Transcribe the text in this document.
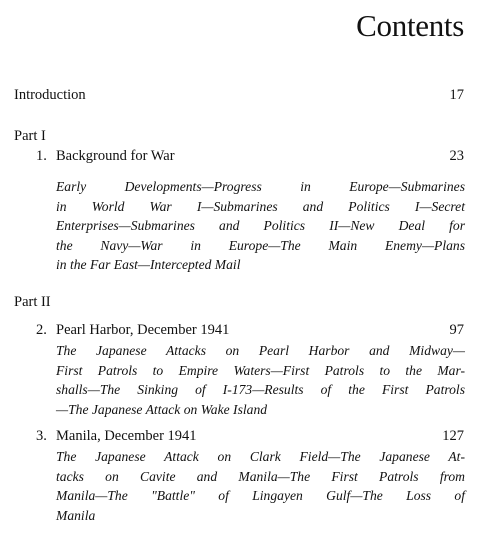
Contents
Introduction	17
Part I
1. Background for War	23
Early Developments—Progress in Europe—Submarines
in World War I—Submarines and Politics I—Secret
Enterprises—Submarines and Politics II—New Deal for
the Navy—War in Europe—The Main Enemy—Plans
in the Far East—Intercepted Mail
Part II
2. Pearl Harbor, December 1941	97
The Japanese Attacks on Pearl Harbor and Midway—
First Patrols to Empire Waters—First Patrols to the Mar-
shalls—The Sinking of I-173—Results of the First Patrols
—The Japanese Attack on Wake Island
3. Manila, December 1941	127
The Japanese Attack on Clark Field—The Japanese At-
tacks on Cavite and Manila—The First Patrols from
Manila—The "Battle" of Lingayen Gulf—The Loss of
Manila
